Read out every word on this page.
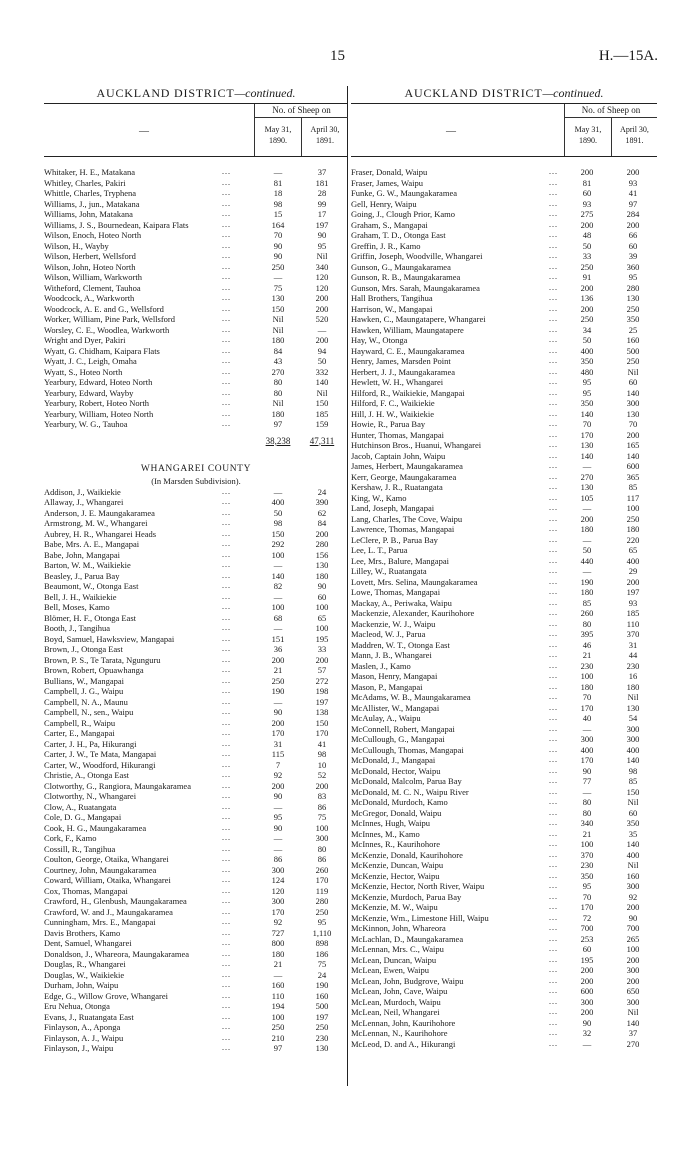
15	H.—15A.
AUCKLAND DISTRICT—continued.
—
No. of Sheep on
May 31, 1890.
April 30, 1891.
Whitaker, H. E., Matakana	...	—	37
Whitley, Charles, Pakiri	...	81	181
Whittle, Charles, Tryphena	...	18	28
Williams, J., jun., Matakana	...	98	99
Williams, John, Matakana	...	15	17
Williams, J. S., Bournedean, Kaipara Flats	...	164	197
Wilson, Enoch, Hoteo North	...	70	90
Wilson, H., Wayby	...	90	95
Wilson, Herbert, Wellsford	...	90	Nil
Wilson, John, Hoteo North	...	250	340
Wilson, William, Warkworth	...	—	120
Witheford, Clement, Tauhoa	...	75	120
Woodcock, A., Warkworth	...	130	200
Woodcock, A. E. and G., Wellsford	...	150	200
Worker, William, Pine Park, Wellsford	...	Nil	520
Worsley, C. E., Woodlea, Warkworth	...	Nil	—
Wright and Dyer, Pakiri	...	180	200
Wyatt, G. Chidham, Kaipara Flats	...	84	94
Wyatt, J. C., Leigh, Omaha	...	43	50
Wyatt, S., Hoteo North	...	270	332
Yearbury, Edward, Hoteo North	...	80	140
Yearbury, Edward, Wayby	...	80	Nil
Yearbury, Robert, Hoteo North	...	Nil	150
Yearbury, William, Hoteo North	...	180	185
Yearbury, W. G., Tauhoa	...	97	159
38,238	47,311
WHANGAREI COUNTY
(In Marsden Subdivision).
Addison, J., Waikiekie	...	—	24
Allaway, J., Whangarei	...	400	390
Anderson, J. E. Maungakaramea	...	50	62
Armstrong, M. W., Whangarei	...	98	84
Aubrey, H. R., Whangarei Heads	...	150	200
Babe, Mrs. A. E., Mangapai	...	292	280
Babe, John, Mangapai	...	100	156
Barton, W. M., Waikiekie	...	—	130
Beasley, J., Parua Bay	...	140	180
Beaumont, W., Otonga East	...	82	90
Bell, J. H., Waikiekie	...	—	60
Bell, Moses, Kamo	...	100	100
Blömer, H. F., Otonga East	...	68	65
Booth, J., Tangihua	...	—	100
Boyd, Samuel, Hawksview, Mangapai	...	151	195
Brown, J., Otonga East	...	36	33
Brown, P. S., Te Tarata, Ngunguru	...	200	200
Brown, Robert, Opuawhanga	...	21	57
Bullians, W., Mangapai	...	250	272
Campbell, J. G., Waipu	...	190	198
Campbell, N. A., Maunu	...	—	197
Campbell, N., sen., Waipu	...	90	138
Campbell, R., Waipu	...	200	150
Carter, E., Mangapai	...	170	170
Carter, J. H., Pa, Hikurangi	...	31	41
Carter, J. W., Te Mata, Mangapai	...	115	98
Carter, W., Woodford, Hikurangi	...	7	10
Christie, A., Otonga East	...	92	52
Clotworthy, G., Rangiora, Maungakaramea	...	200	200
Clotworthy, N., Whangarei	...	90	83
Clow, A., Ruatangata	...	—	86
Cole, D. G., Mangapai	...	95	75
Cook, H. G., Maungakaramea	...	90	100
Cork, F., Kamo	...	—	300
Cossill, R., Tangihua	...	—	80
Coulton, George, Otaika, Whangarei	...	86	86
Courtney, John, Maungakaramea	...	300	260
Coward, William, Otaika, Whangarei	...	124	170
Cox, Thomas, Mangapai	...	120	119
Crawford, H., Glenbush, Maungakaramea	...	300	280
Crawford, W. and J., Maungakaramea	...	170	250
Cunningham, Mrs. E., Mangapai	...	92	95
Davis Brothers, Kamo	...	727	1,110
Dent, Samuel, Whangarei	...	800	898
Donaldson, J., Whareora, Maungakaramea	...	180	186
Douglas, R., Whangarei	...	21	75
Douglas, W., Waikiekie	...	—	24
Durham, John, Waipu	...	160	190
Edge, G., Willow Grove, Whangarei	...	110	160
Eru Nehua, Otonga	...	194	500
Evans, J., Ruatangata East	...	100	197
Finlayson, A., Aponga	...	250	250
Finlayson, A. J., Waipu	...	210	230
Finlayson, J., Waipu	...	97	130
AUCKLAND DISTRICT—continued.
—
No. of Sheep on
May 31, 1890.
April 30, 1891.
Fraser, Donald, Waipu	...	200	200
Fraser, James, Waipu	...	81	93
Funke, G. W., Maungakaramea	...	60	41
Gell, Henry, Waipu	...	93	97
Going, J., Clough Prior, Kamo	...	275	284
Graham, S., Mangapai	...	200	200
Graham, T. D., Otonga East	...	48	66
Greffin, J. R., Kamo	...	50	60
Griffin, Joseph, Woodville, Whangarei	...	33	39
Gunson, G., Maungakaramea	...	250	360
Gunson, R. B., Maungakaramea	...	91	95
Gunson, Mrs. Sarah, Maungakaramea	...	200	280
Hall Brothers, Tangihua	...	136	130
Harrison, W., Mangapai	...	200	250
Hawken, C., Maungatapere, Whangarei	...	250	350
Hawken, William, Maungatapere	...	34	25
Hay, W., Otonga	...	50	160
Hayward, C. E., Maungakaramea	...	400	500
Henry, James, Marsden Point	...	350	250
Herbert, J. J., Maungakaramea	...	480	Nil
Hewlett, W. H., Whangarei	...	95	60
Hilford, R., Waikiekie, Mangapai	...	95	140
Hilford, F. C., Waikiekie	...	350	300
Hill, J. H. W., Waikiekie	...	140	130
Howie, R., Parua Bay	...	70	70
Hunter, Thomas, Mangapai	...	170	200
Hutchinson Bros., Huanui, Whangarei	...	130	165
Jacob, Captain John, Waipu	...	140	140
James, Herbert, Maungakaramea	...	—	600
Kerr, George, Maungakaramea	...	270	365
Kershaw, J. R., Ruatangata	...	130	85
King, W., Kamo	...	105	117
Land, Joseph, Mangapai	...	—	100
Lang, Charles, The Cove, Waipu	...	200	250
Lawrence, Thomas, Mangapai	...	180	180
LeClere, P. B., Parua Bay	...	—	220
Lee, L. T., Parua	...	50	65
Lee, Mrs., Balure, Mangapai	...	440	400
Lilley, W., Ruatangata	...	—	29
Lovett, Mrs. Selina, Maungakaramea	...	190	200
Lowe, Thomas, Mangapai	...	180	197
Mackay, A., Periwaka, Waipu	...	85	93
Mackenzie, Alexander, Kaurihohore	...	260	185
Mackenzie, W. J., Waipu	...	80	110
Macleod, W. J., Parua	...	395	370
Maddren, W. T., Otonga East	...	46	31
Mann, J. B., Whangarei	...	21	44
Maslen, J., Kamo	...	230	230
Mason, Henry, Mangapai	...	100	16
Mason, P., Mangapai	...	180	180
McAdams, W. B., Maungakaramea	...	70	Nil
McAllister, W., Mangapai	...	170	130
McAulay, A., Waipu	...	40	54
McConnell, Robert, Mangapai	...	—	300
McCullough, G., Mangapai	...	300	300
McCullough, Thomas, Mangapai	...	400	400
McDonald, J., Mangapai	...	170	140
McDonald, Hector, Waipu	...	90	98
McDonald, Malcolm, Parua Bay	...	77	85
McDonald, M. C. N., Waipu River	...	—	150
McDonald, Murdoch, Kamo	...	80	Nil
McGregor, Donald, Waipu	...	80	60
McInnes, Hugh, Waipu	...	340	350
McInnes, M., Kamo	...	21	35
McInnes, R., Kaurihohore	...	100	140
McKenzie, Donald, Kaurihohore	...	370	400
McKenzie, Duncan, Waipu	...	230	Nil
McKenzie, Hector, Waipu	...	350	160
McKenzie, Hector, North River, Waipu	...	95	300
McKenzie, Murdoch, Parua Bay	...	70	92
McKenzie, M. W., Waipu	...	170	200
McKenzie, Wm., Limestone Hill, Waipu	...	72	90
McKinnon, John, Whareora	...	700	700
McLachlan, D., Maungakaramea	...	253	265
McLennan, Mrs. C., Waipu	...	60	100
McLean, Duncan, Waipu	...	195	200
McLean, Ewen, Waipu	...	200	300
McLean, John, Budgrove, Waipu	...	200	200
McLean, John, Cave, Waipu	...	600	650
McLean, Murdoch, Waipu	...	300	300
McLean, Neil, Whangarei	...	200	Nil
McLennan, John, Kaurihohore	...	90	140
McLennan, N., Kaurihohore	...	32	37
McLeod, D. and A., Hikurangi	...	—	270
